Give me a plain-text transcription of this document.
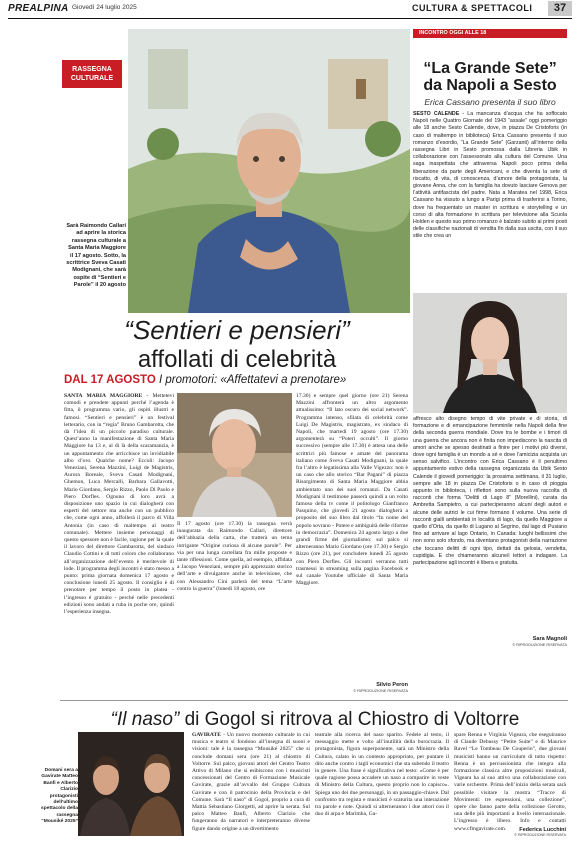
PREALPINA Giovedì 24 luglio 2025	CULTURA & SPETTACOLI	37
RASSEGNA CULTURALE
Sarà Raimondo Callari ad aprire la storica rassegna culturale a Santa Maria Maggiore il 17 agosto. Sotto, la scrittrice Sveva Casati Modignani, che sarà ospite di “Sentieri e Parole” il 20 agosto
INCONTRO OGGI ALLE 18
“La Grande Sete” da Napoli a Sesto
Erica Cassano presenta il suo libro
SESTO CALENDE - La mancanza d’acqua che ha soffocato Napoli nelle Quattro Giornate del 1943 “assale” oggi pomeriggio alle 18 anche Sesto Calende, dove, in piazza De Cristoforis (in caso di maltempo in biblioteca) Erica Cassano presenta il suo romanzo d’esordio, “La Grande Sete” (Garzanti) all’interno della rassegna Libri in Sesto promossa dalla Libreria Ubik in collaborazione con l’assessorato alla cultura del Comune. Una saga inaspettata che attraversa Napoli poco prima della liberazione da parte degli Americani, e che diventa la sete di riscatto, di vita, di conoscenza, d’amore della protagonista, la giovane Anna, che con la famiglia ha dovuto lasciare Genova per l’attività antifascista del padre. Nata a Maratea nel 1998, Erica Cassano ha vissuto a lungo a Parigi prima di trasferirsi a Torino, dove ha frequentato un master in scrittura e storytelling e un corso di alta formazione in scrittura per televisione alla Scuola Holden e questo suo primo romanzo è balzato subito ai primi posti delle classifiche nazionali di vendita fin dalla sua uscita, con il suo stile che crea un
affresco alto disegno tempo di vite private e di storia, di formazione e di emancipazione femminile nella Napoli della fine della seconda guerra mondiale. Dove tra le bombe e i timori di una guerra che ancora non è finita non impediscono la nascita di amori anche se spesso destinati a finire per i motivi più diversi, dove ogni famiglia è un mondo a sé e dove l’amicizia acquista un senso salvifico. L’incontro con Erica Cassano è il penultimo appuntamento estivo della rassegna organizzata da Ubik Sesto Calende il giovedì pomeriggio: la prossima settimana, il 31 luglio, sempre alle 18 in piazza De Cristoforis o in caso di pioggia appunto in biblioteca, i riflettori sono sulla nuova raccolta di racconti che forma “Delitti di Lago 8” (Morellini), curata da Ambretta Sampietro, a cui parteciperanno alcuni degli autori e alcune delle autrici le cui firme formano il volume. Una serie di racconti gialli ambientati in località di lago, da quello Maggiore a quello d’Orta, da quello di Lugano al Segrino, dal lago di Pusiano fino ad arrivare al lago Ontario, in Canada: luoghi bellissimi che non sono solo sfondo, ma diventano protagonisti della narrazione che toccano delitti di ogni tipo, dettati da gelosia, vendetta, cupidigia. E che chiameranno alcune/i lettori a indagare. La partecipazione agli incontri è libera e gratuita.
Sara Magnoli
© RIPRODUZIONE RISERVATA
“Sentieri e pensieri”
affollati di celebrità
DAL 17 AGOSTO I promotori: «Affettatevi a prenotare»
SANTA MARIA MAGGIORE - Mettetevi comodi e prendete appunti perché l’agenda è fitta, il programma vario, gli ospiti illustri e famosi. “Sentieri e pensieri” è un festival letterario, con in “regia” Bruno Gambarotta, che dà l’idea di un piccolo paradiso culturale. Quest’anno la manifestazione di Santa Maria Maggiore ha 13 e, al di là della scaramanzia, è un appuntamento che arricchisce un invidiabile albo d’oro. Qualche nome? Eccoli: Jacopo Veneziani, Serena Mazzini, Luigi de Magistris, Aurora Boreale, Sveva Casati Modignani, Ghemon, Luca Mercalli, Barbara Gallavotti, Mario Giordano, Sergio Rizzo, Paolo Di Paolo e Piero Dorfles. Ognuno di loro avrà a disposizione uno spazio in cui dialogherà con esperti del settore ma anche con un pubblico che, come ogni anno, affollerà il parco di Villa Antonia (in caso di maltempo al teatro comunale). Mettere insieme personaggi di questo spessore non è facile, ragione per la quale il lavoro del direttore Gambarotta, del sindaco Claudio Cottini e di tutti coloro che collaborano all’organizzazione dell’evento è meritevole di lode. Il programma degli incontri è stato messo a punto: prima giornata domenica 17 agosto e conclusione lunedì 25 agosto. Il consiglio è di prenotare per tempo il posto in platea - l’ingresso è gratuito - perché nelle precedenti edizioni sono andati a ruba in poche ore, quindi l’esperienza insegna.
Il 17 agosto (ore 17.30) la rassegna verrà inaugurata da Raimondo Callari, direttore dell’abbazia della carta, che tratterà un tema intrigante “Origine curiosa di alcune parole”. Per via per una lunga carrellata fra mille proposte e tante riflessioni. Come quella, ad esempio, affidata a Jacopo Veneziani, sempre più apprezzato storico dell’arte e divulgatore anche in televisione, che con Alessandro Cini parlerà del tema “L’arte contro la guerra” (lunedì 18 agosto, ore
17.30) e sempre quel giorno (ore 21) Serena Mazzini affronterà un altro argomento attualissimo: “Il lato oscuro dei social network”. Programma intenso, sfilata di celebrità come Luigi De Magistris, magistrato, ex sindaco di Napoli, che martedì 19 agosto (ore 17.30) argomenterà su “Poteri occulti”. Il giorno successivo (sempre alle 17.30) è attesa una delle scrittrici più famose e amate del panorama italiano come Sveva Casati Modignani, la quale fra l’altro è legatissima alla Valle Vigezzo: non è un caso che allo storico “Bar Pagani” di piazza Risorgimento di Santa Maria Maggiore abbia ambientato uno dei suoi romanzi. Da Casati Modignani il testimone passerà quindi a un volto famoso della tv come il politologo Gianfranco Pasquino, che giovedì 21 agosto dialogherà a proposito del suo libro dal titolo “In nome del popolo sovrano - Potere e ambiguità delle riforme in democrazia”. Domenica 24 agosto largo a due grandi firme del giornalismo: sul palco si alterneranno Mario Giordano (ore 17.30) e Sergio Rizzo (ore 21), per concludere lunedì 25 agosto con Piero Dorfles. Gli incontri verranno tutti trasmessi in streaming sulla pagina Facebook e sul canale Youtube ufficiale di Santa Maria Maggiore.
Silvio Peron
© RIPRODUZIONE RISERVATA
“Il naso” di Gogol si ritrova al Chiostro di Voltorre
Domani sera a Gavirate Matteo Banfi e Alberto Clarizio protagonisti dell’ultimo spettacolo della rassegna “Mousiké 2025”
GAVIRATE - Un nuovo momento culturale in cui musica e teatro si fondono all’insegna di suoni e visioni: tale è la rassegna “Mousiké 2025” che si conclude domani sera (ore 21) al chiostro di Voltorre. Sul palco, giovani attori del Centro Teatro Attivo di Milano che si esibiscono con i musicisti concessionati del Centro di Formazione Musicale Gavirate, grazie all’avvallo del Gruppo Cultura Gavirate e con il patrocinio della Provincia e del Comune. Sarà “Il naso” di Gogol, proprio a cura di Mattia Sebastiano Giorgetti, ad aprire la serata. Sul palco Matteo Banfi, Alberto Clarizio che fungeranno da narratori e interpreteranno diverse figure dando origine a un divertimento
teatrale alla ricerca del naso sparito. Fedele al testo, il messaggio mette e volto all’inutilità della burocrazia. Il protagonista, figura superponente, sarà un Ministro della Cultura, calato in un contesto appropriato, per puntare il dito anche contro i tagli economici che sta subendo il teatro in genere. Una frase è significativa nel testo: «Come è per quale ragione possa accadere un naso a comparire in veste di Ministro della Cultura, questo proprio non lo capisco». Spiega uno dei due personaggi, in un passaggio-chiave. Dal confronto tra regista e musicisti è scaturita una interazione tra parole e note. Quindi si alterneranno i due attori con il duo di arpa e Marimba, Ga-
spare Renna e Virginia Vigeara, che eseguiranno di Claude Debussy “Petite Suite” e di Maurice Ravel “Le Tombeau De Couperin”, due giovani musicisti hanno un curriculum di tutto rispetto: Renna è un percussionista che integra alla formazione classica altre proposizioni musicali, Vigeara ha al suo attivo una collaborazione con varie orchestre. Prima dell’inizio della serata sarà possibile visitare la mostra “Tracce di Movimenti: tre espressioni, una collezione”, opere che fanno parte della collezione Gerotto, una delle più importanti a livello internazionale. L’ingresso è libero. Info e contatti www.cfmgavirate.com.	Federica Lucchini
© RIPRODUZIONE RISERVATA
